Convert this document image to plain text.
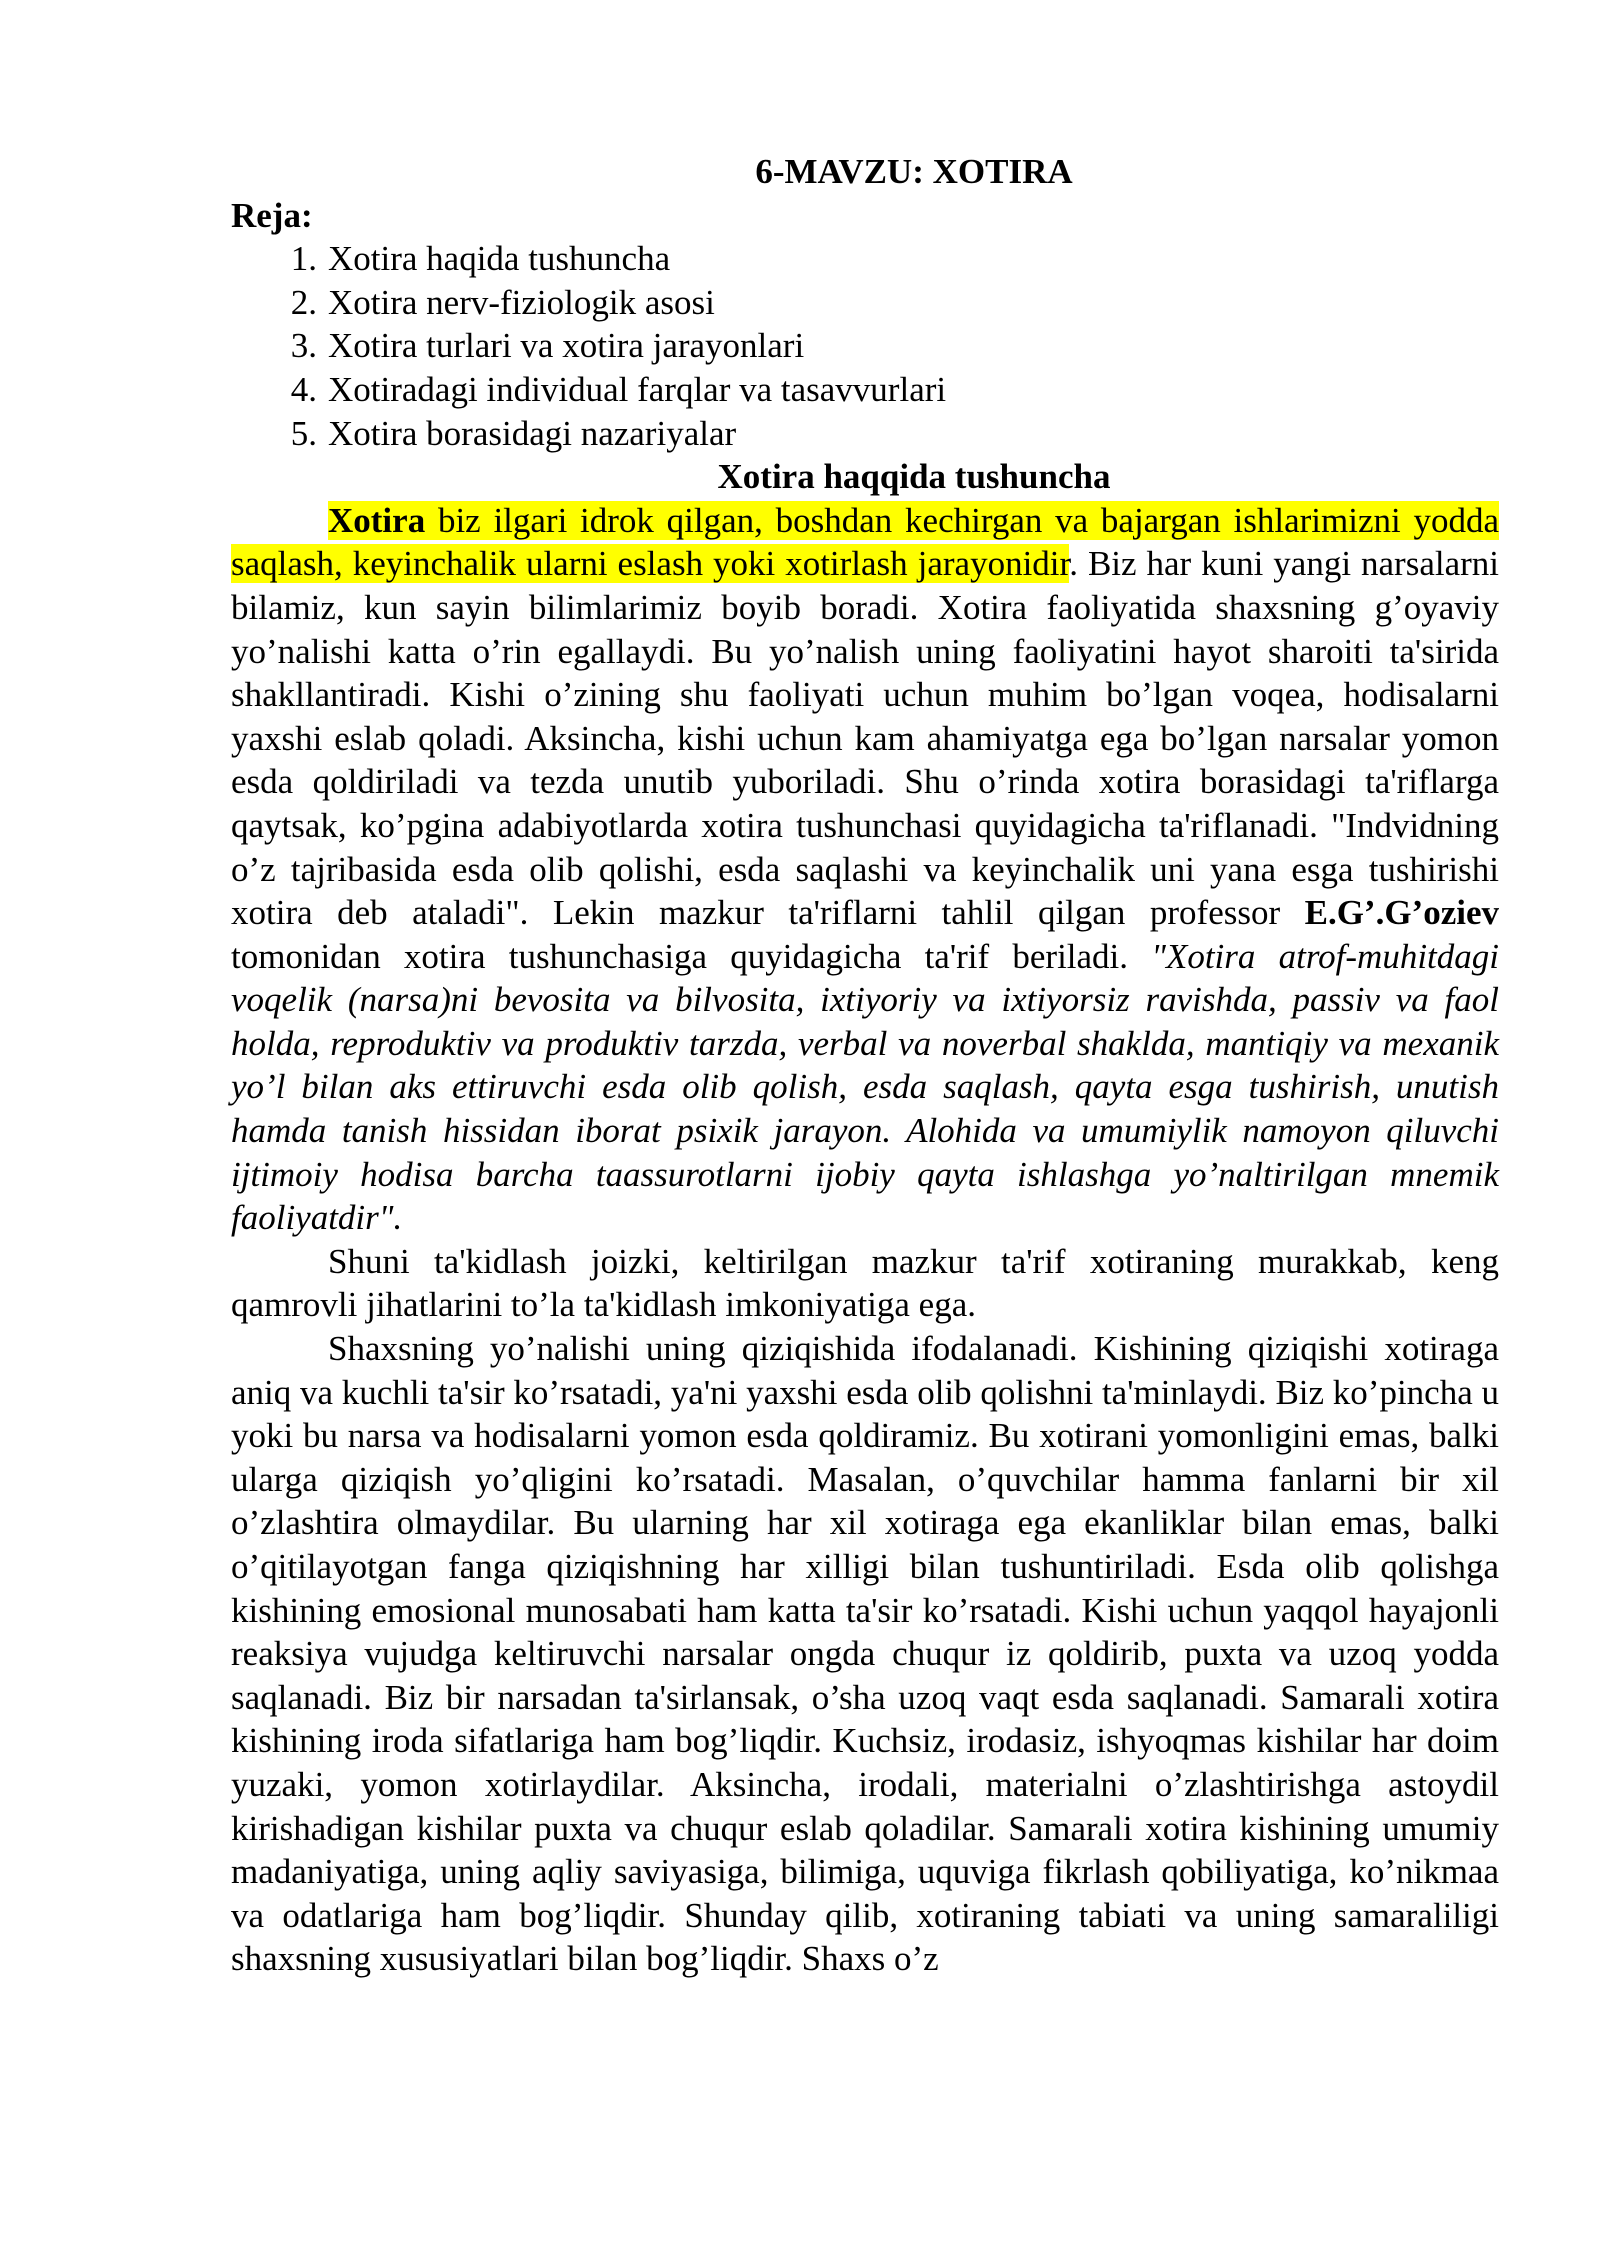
6-MAVZU: XOTIRA
Reja:
1. Xotira haqida tushuncha
2. Xotira nerv-fiziologik asosi
3. Xotira turlari va xotira jarayonlari
4. Xotiradagi individual farqlar va tasavvurlari
5. Xotira borasidagi nazariyalar
Xotira haqqida tushuncha

Xotira biz ilgari idrok qilgan, boshdan kechirgan va bajargan ishlarimizni yodda saqlash, keyinchalik ularni eslash yoki xotirlash jarayonidir. Biz har kuni yangi narsalarni bilamiz, kun sayin bilimlarimiz boyib boradi. Xotira faoliyatida shaxsning g’oyaviy yo’nalishi katta o’rin egallaydi. Bu yo’nalish uning faoliyatini hayot sharoiti ta'sirida shakllantiradi. Kishi o’zining shu faoliyati uchun muhim bo’lgan voqea, hodisalarni yaxshi eslab qoladi. Aksincha, kishi uchun kam ahamiyatga ega bo’lgan narsalar yomon esda qoldiriladi va tezda unutib yuboriladi. Shu o’rinda xotira borasidagi ta'riflarga qaytsak, ko’pgina adabiyotlarda xotira tushunchasi quyidagicha ta'riflanadi. "Indvidning o’z tajribasida esda olib qolishi, esda saqlashi va keyinchalik uni yana esga tushirishi xotira deb ataladi". Lekin mazkur ta'riflarni tahlil qilgan professor E.G’.G’oziev tomonidan xotira tushunchasiga quyidagicha ta'rif beriladi. "Xotira atrof-muhitdagi voqelik (narsa)ni bevosita va bilvosita, ixtiyoriy va ixtiyorsiz ravishda, passiv va faol holda, reproduktiv va produktiv tarzda, verbal va noverbal shaklda, mantiqiy va mexanik yo’l bilan aks ettiruvchi esda olib qolish, esda saqlash, qayta esga tushirish, unutish hamda tanish hissidan iborat psixik jarayon. Alohida va umumiylik namoyon qiluvchi ijtimoiy hodisa barcha taassurotlarni ijobiy qayta ishlashga yo’naltirilgan mnemik faoliyatdir".

Shuni ta'kidlash joizki, keltirilgan mazkur ta'rif xotiraning murakkab, keng qamrovli jihatlarini to’la ta'kidlash imkoniyatiga ega.

Shaxsning yo’nalishi uning qiziqishida ifodalanadi. Kishining qiziqishi xotiraga aniq va kuchli ta'sir ko’rsatadi, ya'ni yaxshi esda olib qolishni ta'minlaydi. Biz ko’pincha u yoki bu narsa va hodisalarni yomon esda qoldiramiz. Bu xotirani yomonligini emas, balki ularga qiziqish yo’qligini ko’rsatadi. Masalan, o’quvchilar hamma fanlarni bir xil o’zlashtira olmaydilar. Bu ularning har xil xotiraga ega ekanliklar bilan emas, balki o’qitilayotgan fanga qiziqishning har xilligi bilan tushuntiriladi. Esda olib qolishga kishining emosional munosabati ham katta ta'sir ko’rsatadi. Kishi uchun yaqqol hayajonli reaksiya vujudga keltiruvchi narsalar ongda chuqur iz qoldirib, puxta va uzoq yodda saqlanadi. Biz bir narsadan ta'sirlansak, o’sha uzoq vaqt esda saqlanadi. Samarali xotira kishining iroda sifatlariga ham bog’liqdir. Kuchsiz, irodasiz, ishyoqmas kishilar har doim yuzaki, yomon xotirlaydilar. Aksincha, irodali, materialni o’zlashtirishga astoydil kirishadigan kishilar puxta va chuqur eslab qoladilar. Samarali xotira kishining umumiy madaniyatiga, uning aqliy saviyasiga, bilimiga, uquviga fikrlash qobiliyatiga, ko’nikmaa va odatlariga ham bog’liqdir. Shunday qilib, xotiraning tabiati va uning samaraliligi shaxsning xususiyatlari bilan bog’liqdir. Shaxs o’z
